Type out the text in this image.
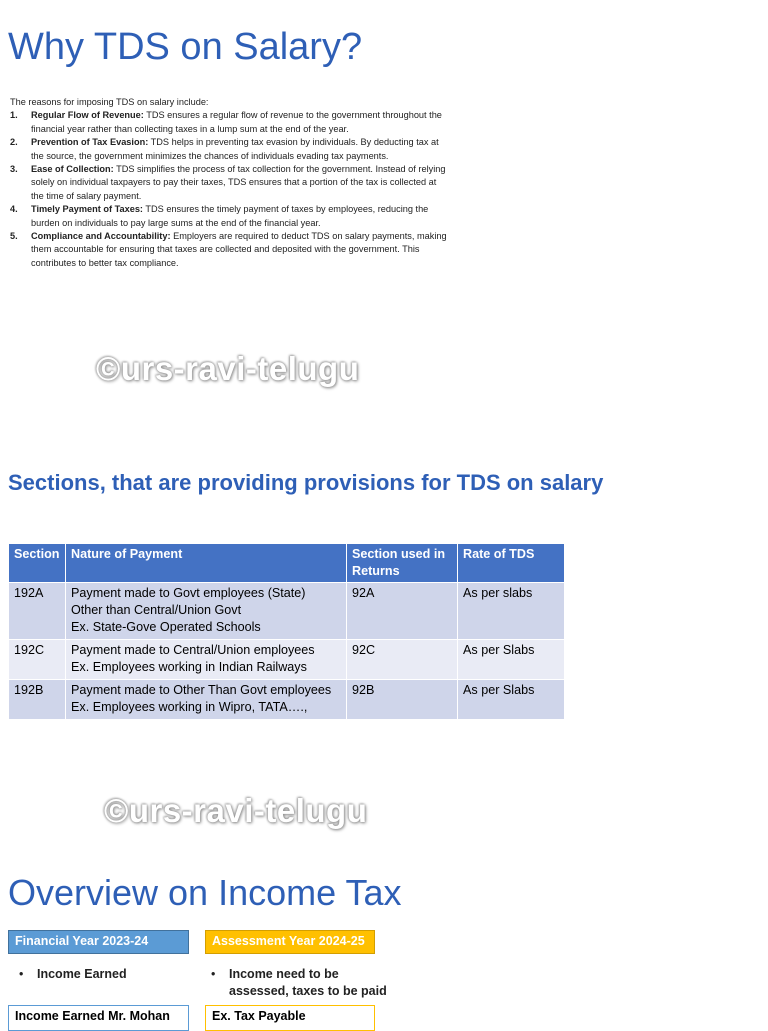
Why TDS on Salary?

The reasons for imposing TDS on salary include:

1. Regular Flow of Revenue: TDS ensures a regular flow of revenue to the government throughout the financial year rather than collecting taxes in a lump sum at the end of the year.
2. Prevention of Tax Evasion: TDS helps in preventing tax evasion by individuals. By deducting tax at the source, the government minimizes the chances of individuals evading tax payments.
3. Ease of Collection: TDS simplifies the process of tax collection for the government. Instead of relying solely on individual taxpayers to pay their taxes, TDS ensures that a portion of the tax is collected at the time of salary payment.
4. Timely Payment of Taxes: TDS ensures the timely payment of taxes by employees, reducing the burden on individuals to pay large sums at the end of the financial year.
5. Compliance and Accountability: Employers are required to deduct TDS on salary payments, making them accountable for ensuring that taxes are collected and deposited with the government. This contributes to better tax compliance.
©urs-ravi-telugu
Sections, that are providing provisions for TDS on salary
Section	Nature of Payment	Section used in Returns	Rate of TDS
192A	Payment made to Govt employees (State)
Other than Central/Union Govt
Ex. State-Gove Operated Schools	92A	As per slabs
192C	Payment made to Central/Union employees
Ex. Employees working in Indian Railways	92C	As per Slabs
192B	Payment made to Other Than Govt employees
Ex. Employees working in Wipro, TATA….,	92B	As per Slabs
©urs-ravi-telugu
Overview on Income Tax
Financial Year 2023-24	Assessment Year 2024-25
• Income Earned	• Income need to be assessed, taxes to be paid
Income Earned Mr. Mohan	Ex. Tax Payable
